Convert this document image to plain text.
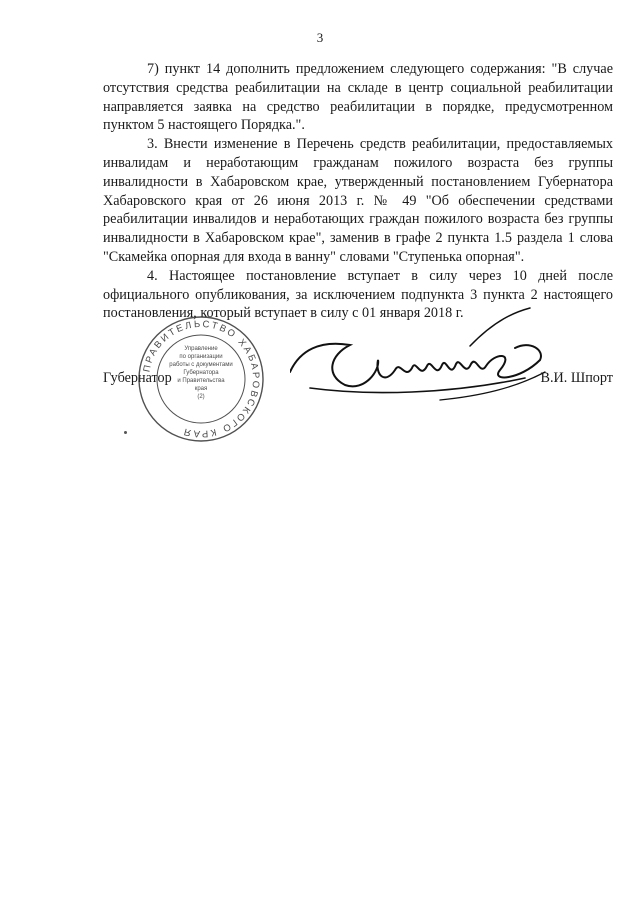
3

7) пункт 14 дополнить предложением следующего содержания: "В случае отсутствия средства реабилитации на складе в центр социальной реабилитации направляется заявка на средство реабилитации в порядке, предусмотренном пунктом 5 настоящего Порядка.".

3. Внести изменение в Перечень средств реабилитации, предоставляемых инвалидам и неработающим гражданам пожилого возраста без группы инвалидности в Хабаровском крае, утвержденный постановлением Губернатора Хабаровского края от 26 июня 2013 г. № 49 "Об обеспечении средствами реабилитации инвалидов и неработающих граждан пожилого возраста без группы инвалидности в Хабаровском крае", заменив в графе 2 пункта 1.5 раздела 1 слова "Скамейка опорная для входа в ванну" словами "Ступенька опорная".

4. Настоящее постановление вступает в силу через 10 дней после официального опубликования, за исключением подпункта 3 пункта 2 настоящего постановления, который вступает в силу с 01 января 2018 г.

Губернатор	В.И. Шпорт
ПРАВИТЕЛЬСТВО ХАБАРОВСКОГО КРАЯ
Управление
по организации
работы с документами
Губернатора
и Правительства
края
(2)
